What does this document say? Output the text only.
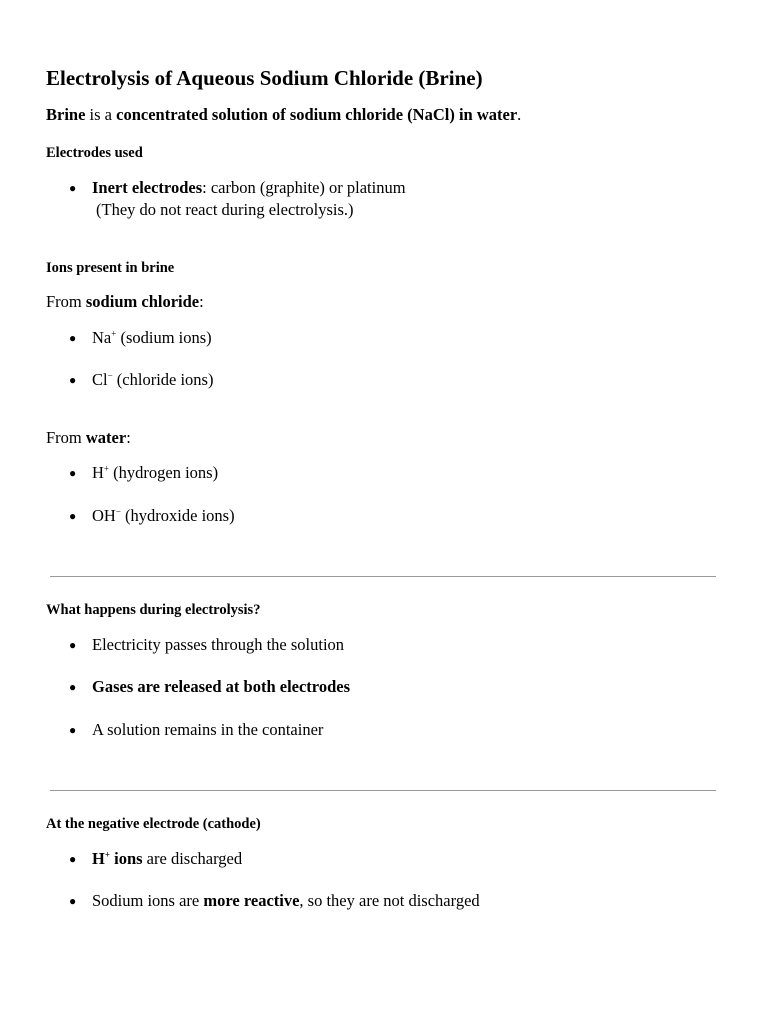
Electrolysis of Aqueous Sodium Chloride (Brine)

Brine is a concentrated solution of sodium chloride (NaCl) in water.

Electrodes used

● Inert electrodes: carbon (graphite) or platinum

(They do not react during electrolysis.)

Ions present in brine

From sodium chloride:

● Na+ (sodium ions)

● Cl− (chloride ions)

From water:

● H+ (hydrogen ions)

● OH− (hydroxide ions)

What happens during electrolysis?

● Electricity passes through the solution

● Gases are released at both electrodes

● A solution remains in the container

At the negative electrode (cathode)

● H+ ions are discharged

● Sodium ions are more reactive, so they are not discharged
